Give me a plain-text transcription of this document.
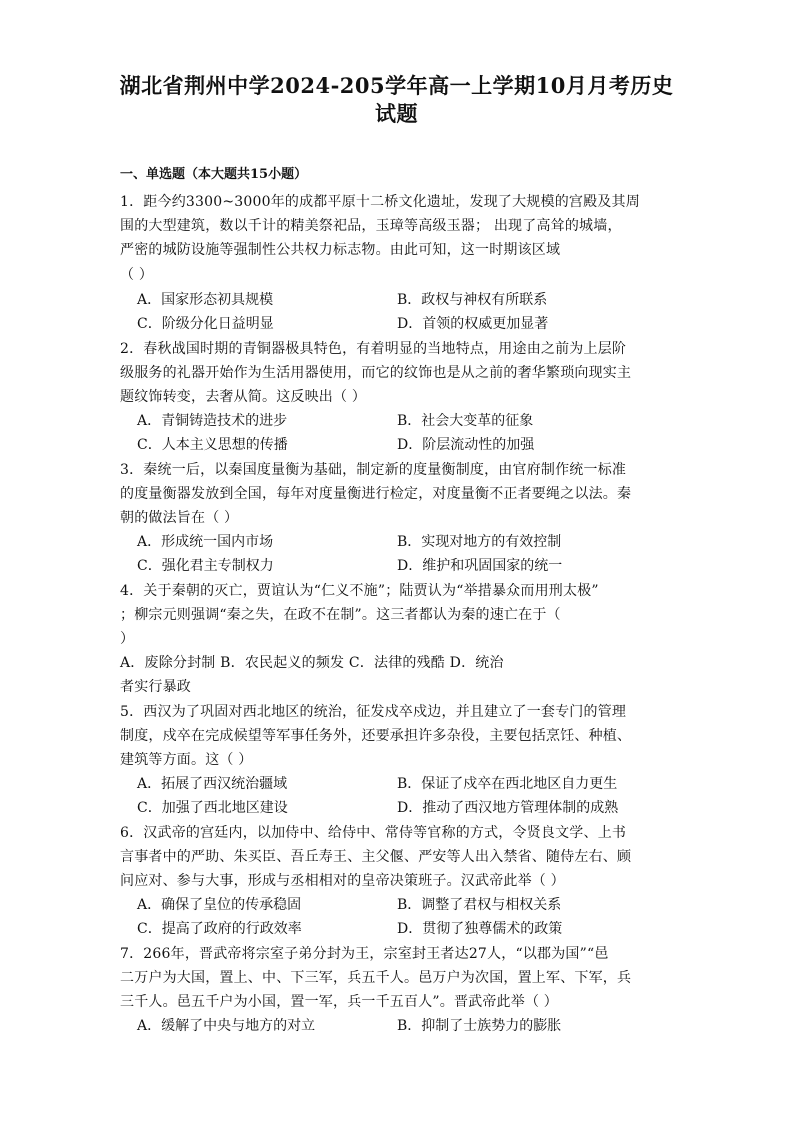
湖北省荆州中学2024-205学年高一上学期10月月考历史
试题
一、单选题（本大题共15小题）
1．距今约3300~3000年的成都平原十二桥文化遗址，发现了大规模的宫殿及其周
围的大型建筑，数以千计的精美祭祀品，玉璋等高级玉器； 出现了高耸的城墙，
严密的城防设施等强制性公共权力标志物。由此可知，这一时期该区域
（ ）
A．国家形态初具规模	B．政权与神权有所联系
C．阶级分化日益明显	D．首领的权威更加显著
2．春秋战国时期的青铜器极具特色，有着明显的当地特点，用途由之前为上层阶
级服务的礼器开始作为生活用器使用，而它的纹饰也是从之前的奢华繁琐向现实主
题纹饰转变，去奢从简。这反映出（ ）
A．青铜铸造技术的进步	B．社会大变革的征象
C．人本主义思想的传播	D．阶层流动性的加强
3．秦统一后，以秦国度量衡为基础，制定新的度量衡制度，由官府制作统一标准
的度量衡器发放到全国，每年对度量衡进行检定，对度量衡不正者要绳之以法。秦
朝的做法旨在（ ）
A．形成统一国内市场	B．实现对地方的有效控制
C．强化君主专制权力	D．维护和巩固国家的统一
4．关于秦朝的灭亡，贾谊认为“仁义不施”；陆贾认为“举措暴众而用刑太极”
；柳宗元则强调“秦之失，在政不在制”。这三者都认为秦的速亡在于（
）
A．废除分封制 B．农民起义的频发 C．法律的残酷 D．统治
者实行暴政
5．西汉为了巩固对西北地区的统治，征发戍卒戍边，并且建立了一套专门的管理
制度，戍卒在完成候望等军事任务外，还要承担许多杂役，主要包括烹饪、种植、
建筑等方面。这（ ）
A．拓展了西汉统治疆域	B．保证了戍卒在西北地区自力更生
C．加强了西北地区建设	D．推动了西汉地方管理体制的成熟
6．汉武帝的宫廷内，以加侍中、给侍中、常侍等官称的方式，令贤良文学、上书
言事者中的严助、朱买臣、吾丘寿王、主父偃、严安等人出入禁省、随侍左右、顾
问应对、参与大事，形成与丞相相对的皇帝决策班子。汉武帝此举（ ）
A．确保了皇位的传承稳固	B．调整了君权与相权关系
C．提高了政府的行政效率	D．贯彻了独尊儒术的政策
7．266年，晋武帝将宗室子弟分封为王，宗室封王者达27人，“以郡为国”“邑
二万户为大国，置上、中、下三军，兵五千人。邑万户为次国，置上军、下军，兵
三千人。邑五千户为小国，置一军，兵一千五百人”。晋武帝此举（ ）
A．缓解了中央与地方的对立	B．抑制了士族势力的膨胀
